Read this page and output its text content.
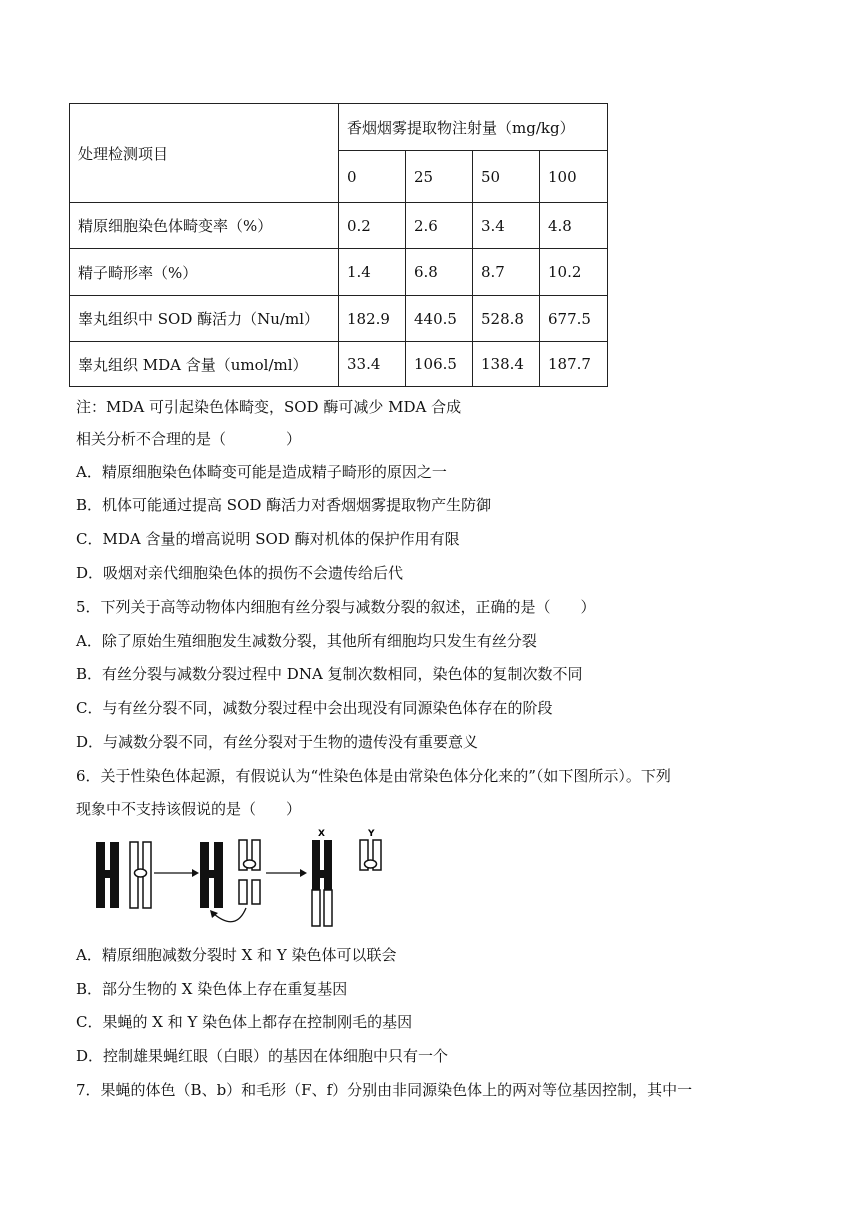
处理检测项目	香烟烟雾提取物注射量（mg/kg）			
	0	25	50	100
精原细胞染色体畸变率（%）	0.2	2.6	3.4	4.8
精子畸形率（%）	1.4	6.8	8.7	10.2
睾丸组织中 SOD 酶活力（Nu/ml）	182.9	440.5	528.8	677.5
睾丸组织 MDA 含量（umol/ml）	33.4	106.5	138.4	187.7
注：MDA 可引起染色体畸变，SOD 酶可减少 MDA 合成
相关分析不合理的是（　　　　）
A．精原细胞染色体畸变可能是造成精子畸形的原因之一
B．机体可能通过提高 SOD 酶活力对香烟烟雾提取物产生防御
C．MDA 含量的增高说明 SOD 酶对机体的保护作用有限
D．吸烟对亲代细胞染色体的损伤不会遗传给后代
5．下列关于高等动物体内细胞有丝分裂与减数分裂的叙述，正确的是（　　）
A．除了原始生殖细胞发生减数分裂，其他所有细胞均只发生有丝分裂
B．有丝分裂与减数分裂过程中 DNA 复制次数相同，染色体的复制次数不同
C．与有丝分裂不同，减数分裂过程中会出现没有同源染色体存在的阶段
D．与减数分裂不同，有丝分裂对于生物的遗传没有重要意义
6．关于性染色体起源，有假说认为“性染色体是由常染色体分化来的”（如下图所示）。下列
现象中不支持该假说的是（　　）
X	Y
A．精原细胞减数分裂时 X 和 Y 染色体可以联会
B．部分生物的 X 染色体上存在重复基因
C．果蝇的 X 和 Y 染色体上都存在控制刚毛的基因
D．控制雄果蝇红眼（白眼）的基因在体细胞中只有一个
7．果蝇的体色（B、b）和毛形（F、f）分别由非同源染色体上的两对等位基因控制，其中一
